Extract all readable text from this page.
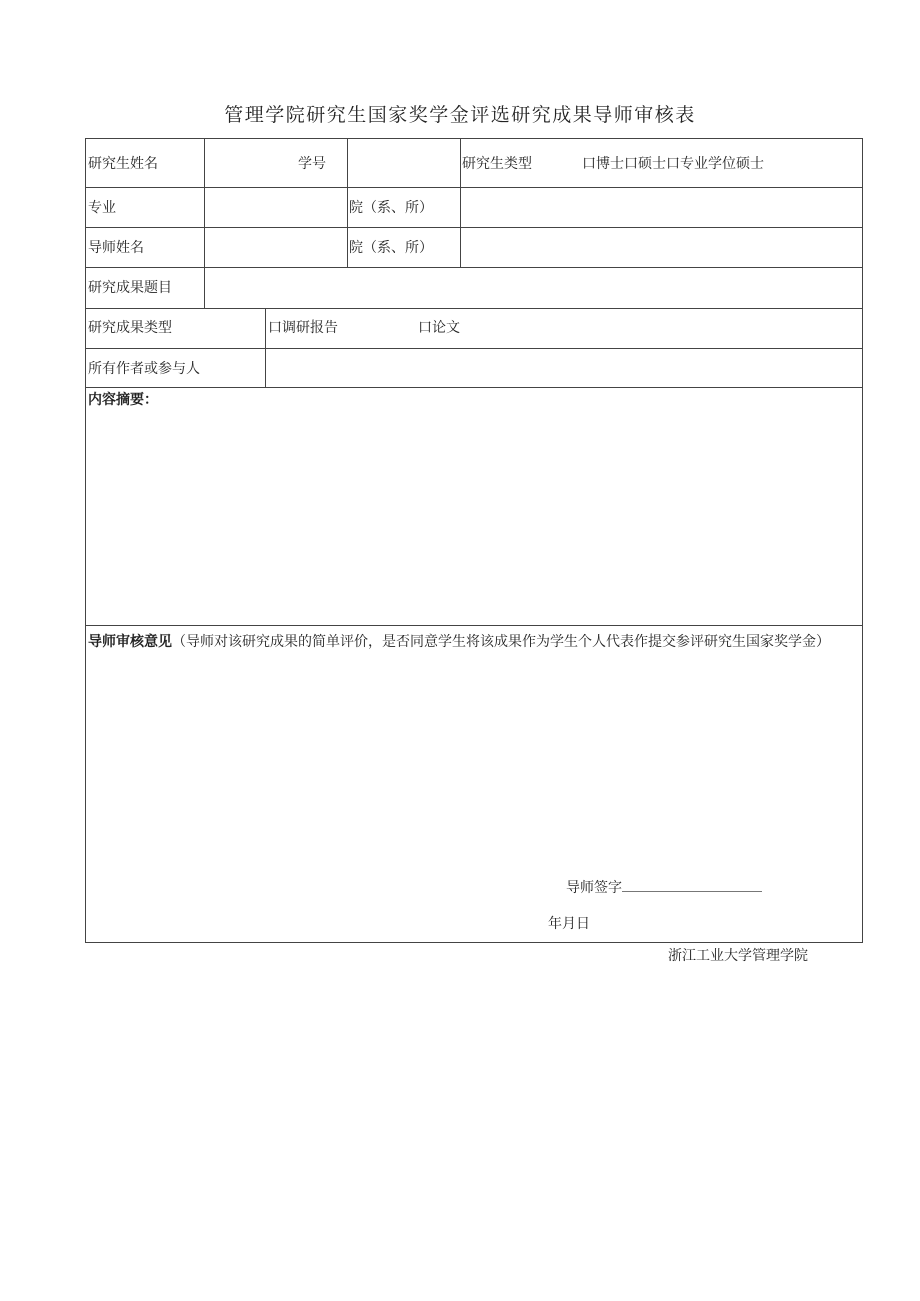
管理学院研究生国家奖学金评选研究成果导师审核表
研究生姓名	学号	研究生类型	口博士口硕士口专业学位硕士
专业	院（系、所）
导师姓名	院（系、所）
研究成果题目
研究成果类型	口调研报告	口论文
所有作者或参与人
内容摘要：
导师审核意见（导师对该研究成果的简单评价，是否同意学生将该成果作为学生个人代表作提交参评研究生国家奖学金）
导师签字
年月日
浙江工业大学管理学院
